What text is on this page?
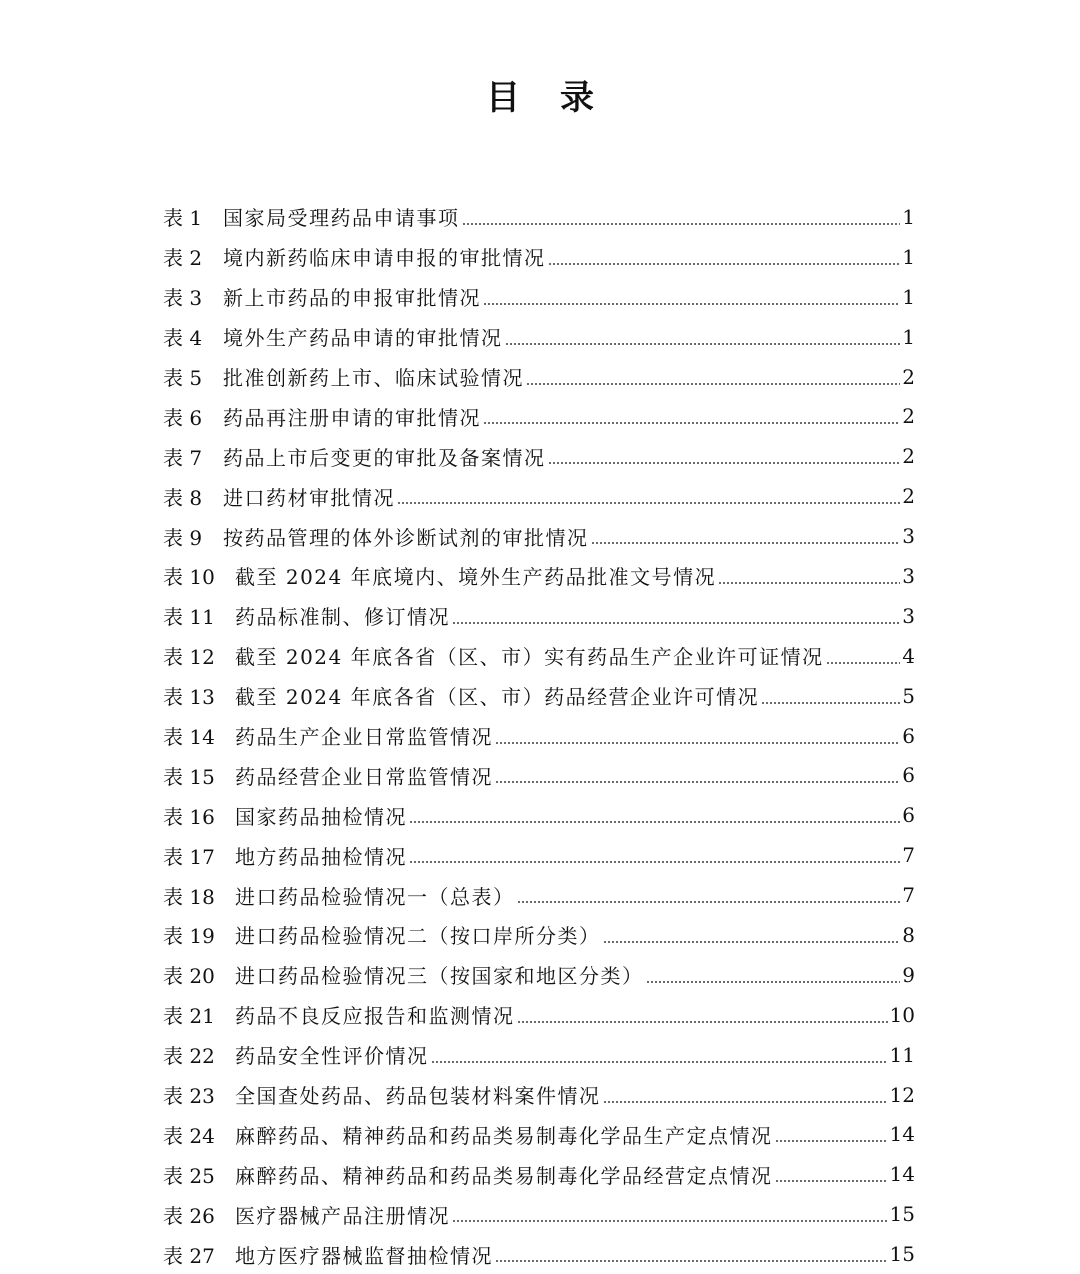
目 录
表 1	国家局受理药品申请事项	1
表 2	境内新药临床申请申报的审批情况	1
表 3	新上市药品的申报审批情况	1
表 4	境外生产药品申请的审批情况	1
表 5	批准创新药上市、临床试验情况	2
表 6	药品再注册申请的审批情况	2
表 7	药品上市后变更的审批及备案情况	2
表 8	进口药材审批情况	2
表 9	按药品管理的体外诊断试剂的审批情况	3
表 10	截至 2024 年底境内、境外生产药品批准文号情况	3
表 11	药品标准制、修订情况	3
表 12	截至 2024 年底各省（区、市）实有药品生产企业许可证情况	4
表 13	截至 2024 年底各省（区、市）药品经营企业许可情况	5
表 14	药品生产企业日常监管情况	6
表 15	药品经营企业日常监管情况	6
表 16	国家药品抽检情况	6
表 17	地方药品抽检情况	7
表 18	进口药品检验情况一（总表）	7
表 19	进口药品检验情况二（按口岸所分类）	8
表 20	进口药品检验情况三（按国家和地区分类）	9
表 21	药品不良反应报告和监测情况	10
表 22	药品安全性评价情况	11
表 23	全国查处药品、药品包装材料案件情况	12
表 24	麻醉药品、精神药品和药品类易制毒化学品生产定点情况	14
表 25	麻醉药品、精神药品和药品类易制毒化学品经营定点情况	14
表 26	医疗器械产品注册情况	15
表 27	地方医疗器械监督抽检情况	15
